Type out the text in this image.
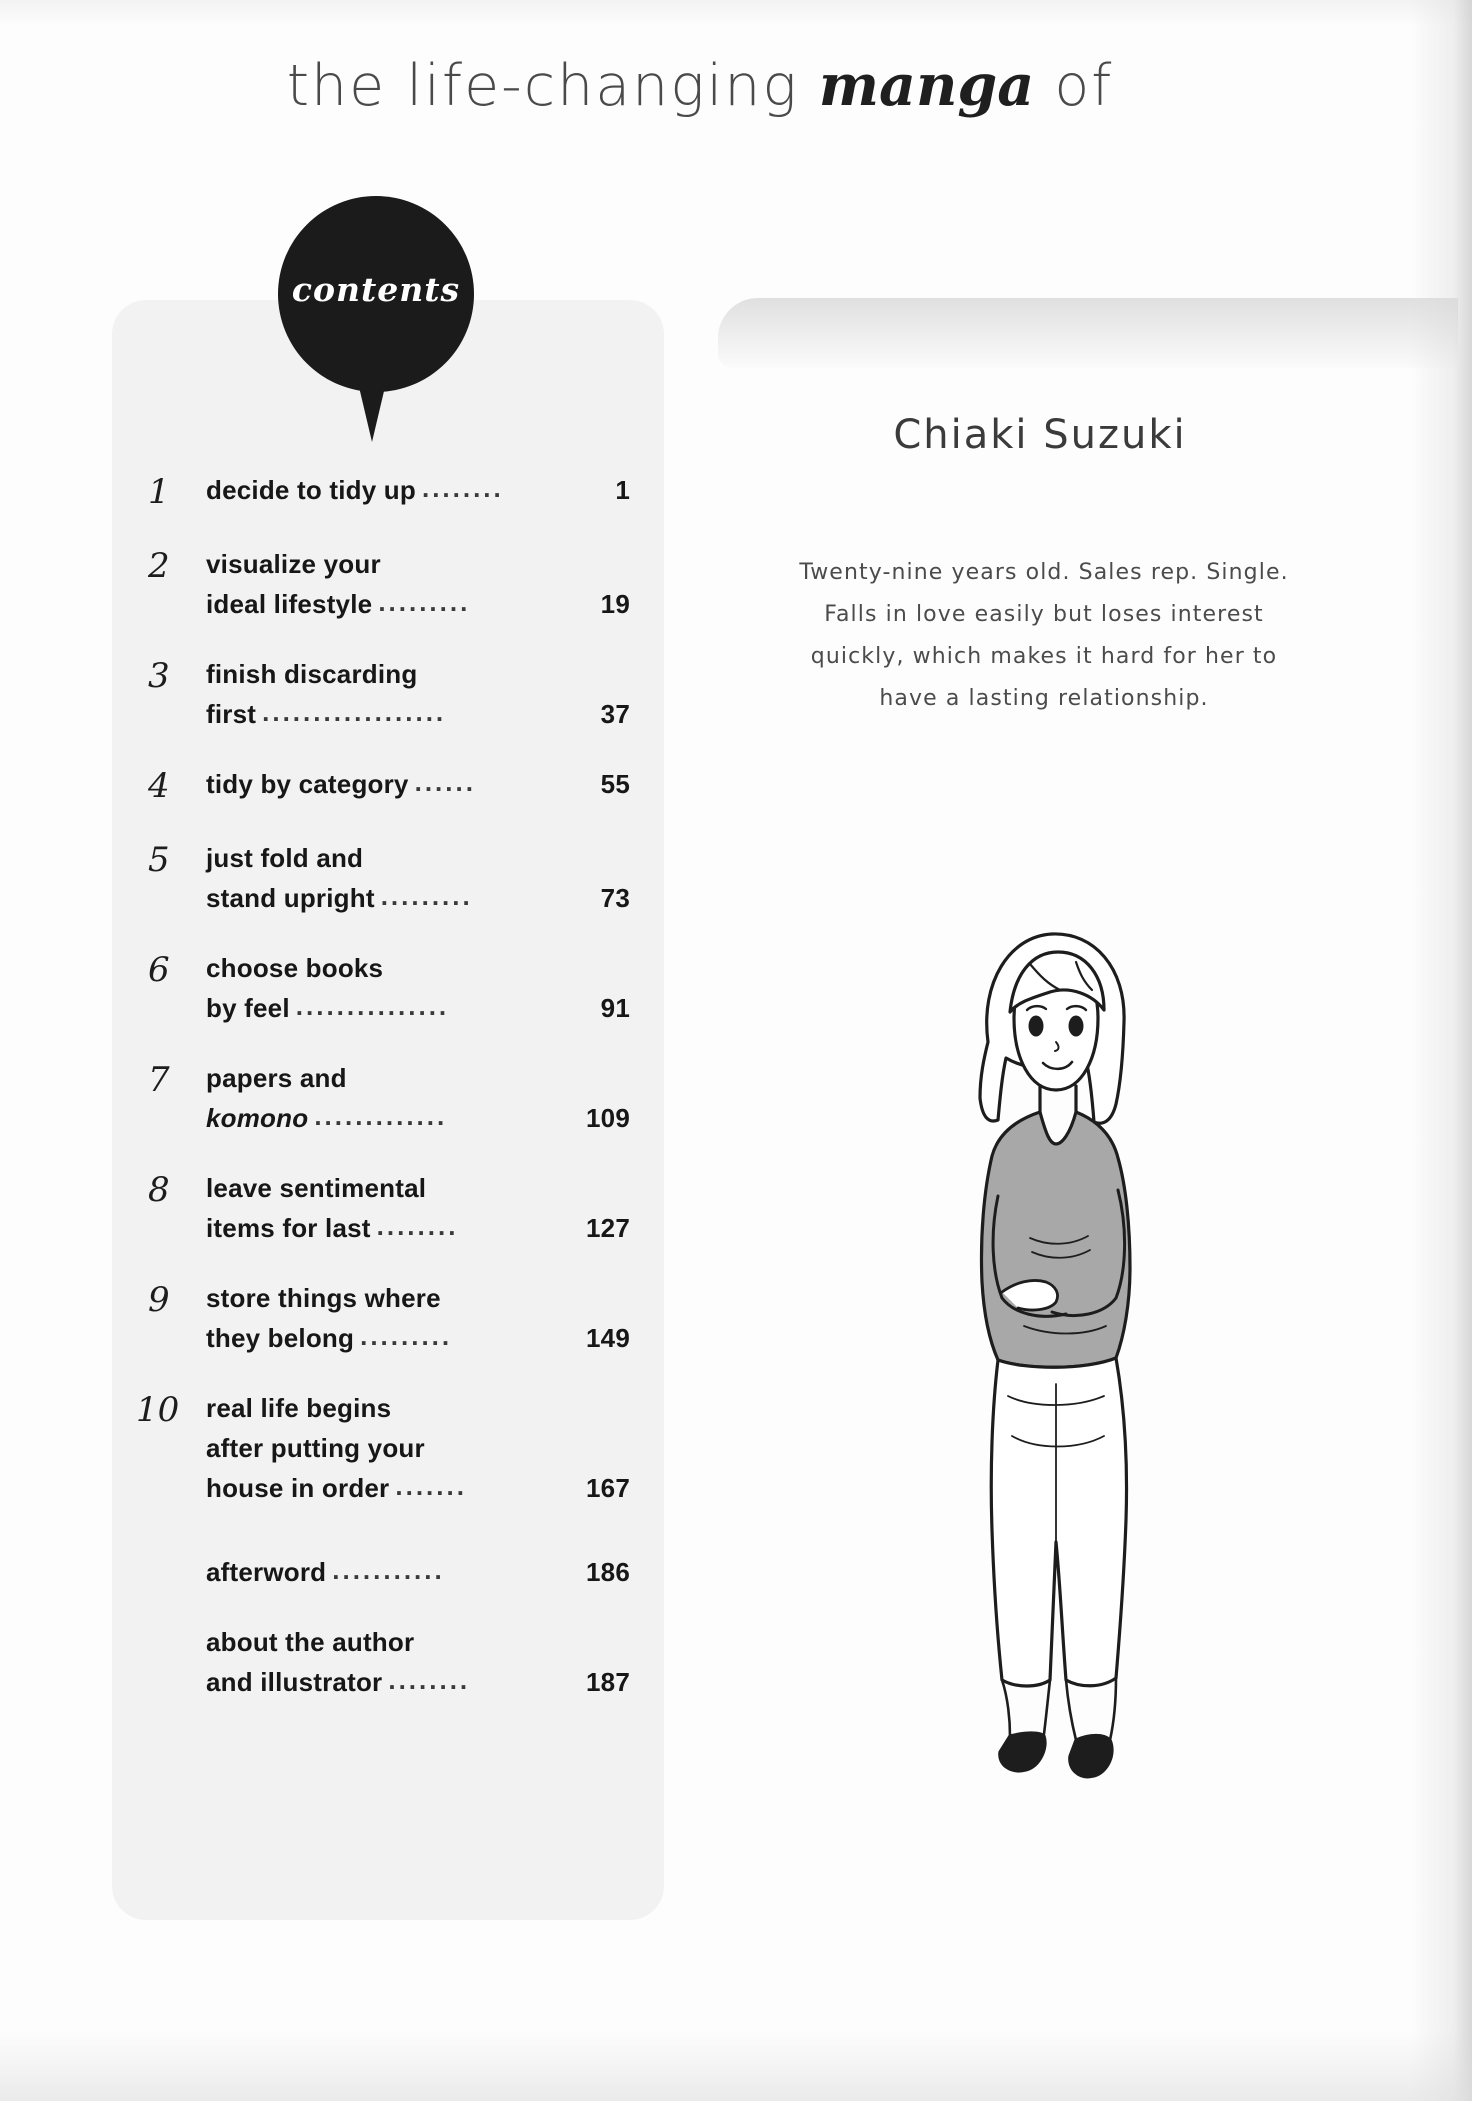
the life-changing manga of
contents
1	decide to tidy up ........	1
2	visualize your
ideal lifestyle .........	19
3	finish discarding
first ..................	37
4	tidy by category ......	55
5	just fold and
stand upright .........	73
6	choose books
by feel ...............	91
7	papers and
komono .............	109
8	leave sentimental
items for last ........	127
9	store things where
they belong .........	149
10	real life begins
after putting your
house in order .......	167
afterword ...........	186
about the author
and illustrator ........	187
Chiaki Suzuki
Twenty-nine years old. Sales rep. Single. Falls in love easily but loses interest quickly, which makes it hard for her to have a lasting relationship.
